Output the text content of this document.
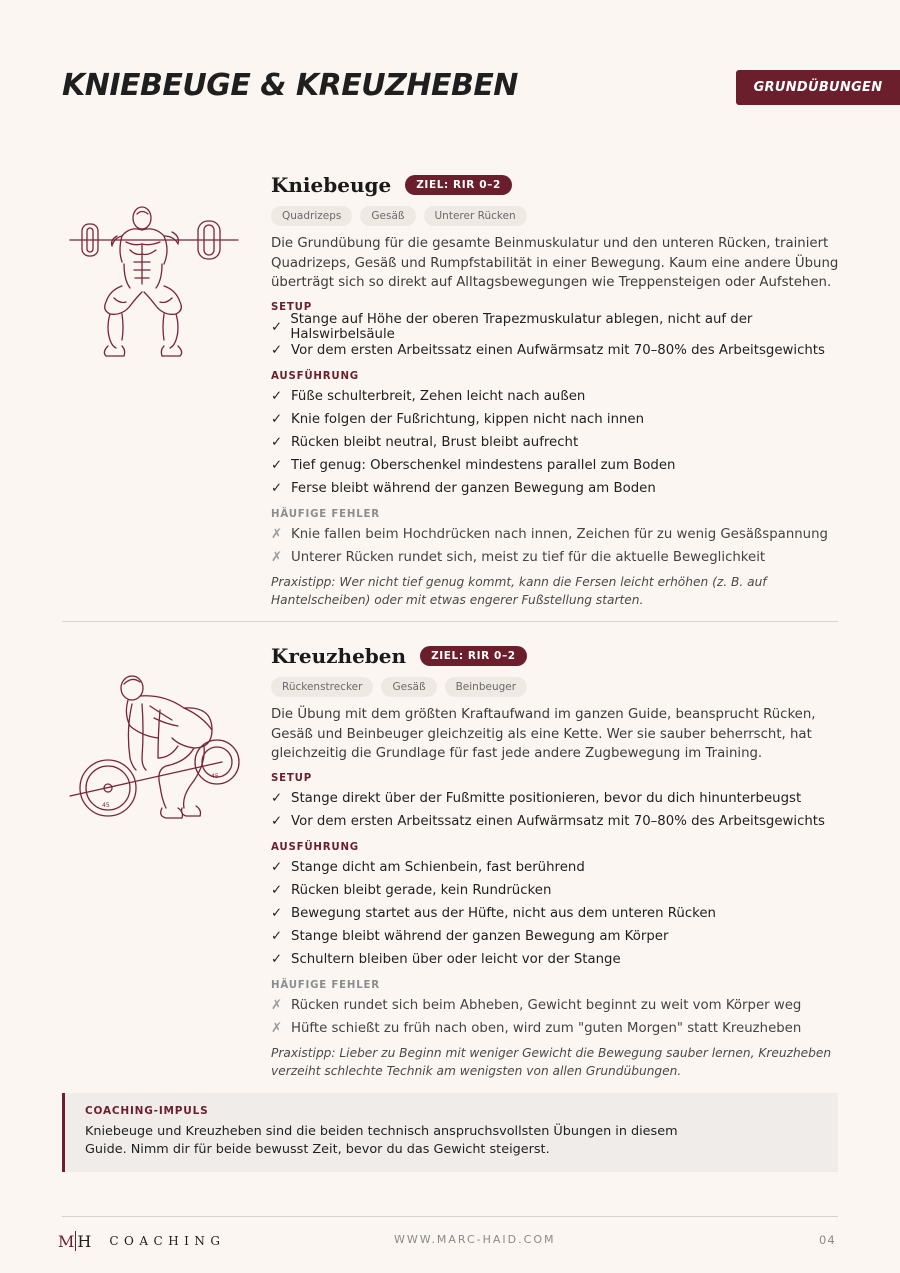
KNIEBEUGE & KREUZHEBEN	GRUNDÜBUNGEN
Kniebeuge	ZIEL: RIR 0–2
Quadrizeps	Gesäß	Unterer Rücken

Die Grundübung für die gesamte Beinmuskulatur und den unteren Rücken, trainiert Quadrizeps, Gesäß und Rumpfstabilität in einer Bewegung. Kaum eine andere Übung überträgt sich so direkt auf Alltagsbewegungen wie Treppensteigen oder Aufstehen.

SETUP
✓ Stange auf Höhe der oberen Trapezmuskulatur ablegen, nicht auf der Halswirbelsäule
✓ Vor dem ersten Arbeitssatz einen Aufwärmsatz mit 70–80% des Arbeitsgewichts
AUSFÜHRUNG
✓ Füße schulterbreit, Zehen leicht nach außen
✓ Knie folgen der Fußrichtung, kippen nicht nach innen
✓ Rücken bleibt neutral, Brust bleibt aufrecht
✓ Tief genug: Oberschenkel mindestens parallel zum Boden
✓ Ferse bleibt während der ganzen Bewegung am Boden
HÄUFIGE FEHLER
✗ Knie fallen beim Hochdrücken nach innen, Zeichen für zu wenig Gesäßspannung
✗ Unterer Rücken rundet sich, meist zu tief für die aktuelle Beweglichkeit

Praxistipp: Wer nicht tief genug kommt, kann die Fersen leicht erhöhen (z. B. auf Hantelscheiben) oder mit etwas engerer Fußstellung starten.

45
45
Kreuzheben	ZIEL: RIR 0–2
Rückenstrecker	Gesäß	Beinbeuger

Die Übung mit dem größten Kraftaufwand im ganzen Guide, beansprucht Rücken, Gesäß und Beinbeuger gleichzeitig als eine Kette. Wer sie sauber beherrscht, hat gleichzeitig die Grundlage für fast jede andere Zugbewegung im Training.

SETUP
✓ Stange direkt über der Fußmitte positionieren, bevor du dich hinunterbeugst
✓ Vor dem ersten Arbeitssatz einen Aufwärmsatz mit 70–80% des Arbeitsgewichts
AUSFÜHRUNG
✓ Stange dicht am Schienbein, fast berührend
✓ Rücken bleibt gerade, kein Rundrücken
✓ Bewegung startet aus der Hüfte, nicht aus dem unteren Rücken
✓ Stange bleibt während der ganzen Bewegung am Körper
✓ Schultern bleiben über oder leicht vor der Stange
HÄUFIGE FEHLER
✗ Rücken rundet sich beim Abheben, Gewicht beginnt zu weit vom Körper weg
✗ Hüfte schießt zu früh nach oben, wird zum "guten Morgen" statt Kreuzheben

Praxistipp: Lieber zu Beginn mit weniger Gewicht die Bewegung sauber lernen, Kreuzheben verzeiht schlechte Technik am wenigsten von allen Grundübungen.

COACHING-IMPULS

Kniebeuge und Kreuzheben sind die beiden technisch anspruchsvollsten Übungen in diesem Guide. Nimm dir für beide bewusst Zeit, bevor du das Gewicht steigerst.

M H COACHING	WWW.MARC-HAID.COM	04
